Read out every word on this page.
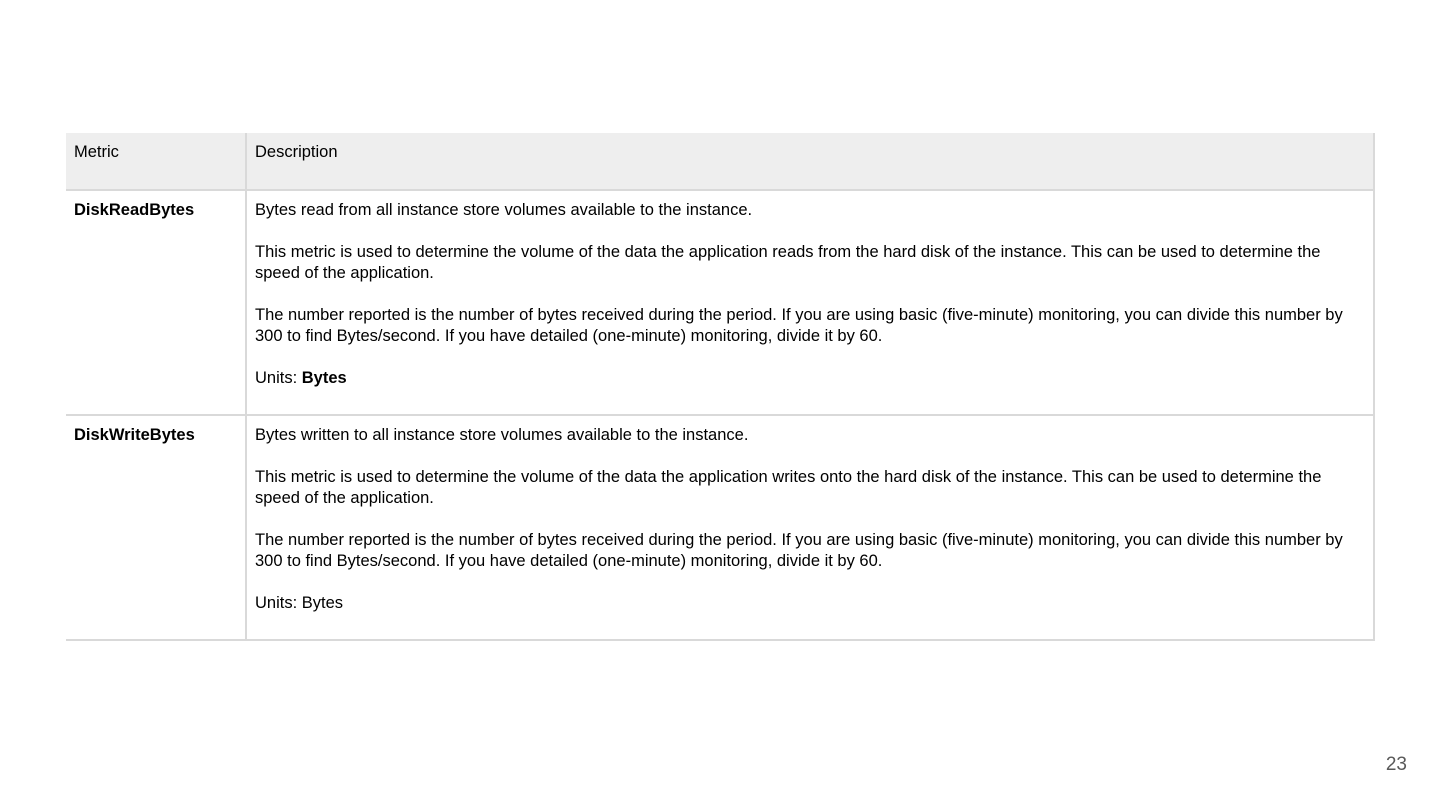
Metric	Description
DiskReadBytes	Bytes read from all instance store volumes available to the instance.

This metric is used to determine the volume of the data the application reads from the hard disk of the instance. This can be used to determine the speed of the application.

The number reported is the number of bytes received during the period. If you are using basic (five-minute) monitoring, you can divide this number by 300 to find Bytes/second. If you have detailed (one-minute) monitoring, divide it by 60.

Units: Bytes

DiskWriteBytes	Bytes written to all instance store volumes available to the instance.

This metric is used to determine the volume of the data the application writes onto the hard disk of the instance. This can be used to determine the speed of the application.

The number reported is the number of bytes received during the period. If you are using basic (five-minute) monitoring, you can divide this number by 300 to find Bytes/second. If you have detailed (one-minute) monitoring, divide it by 60.

Units: Bytes

23
